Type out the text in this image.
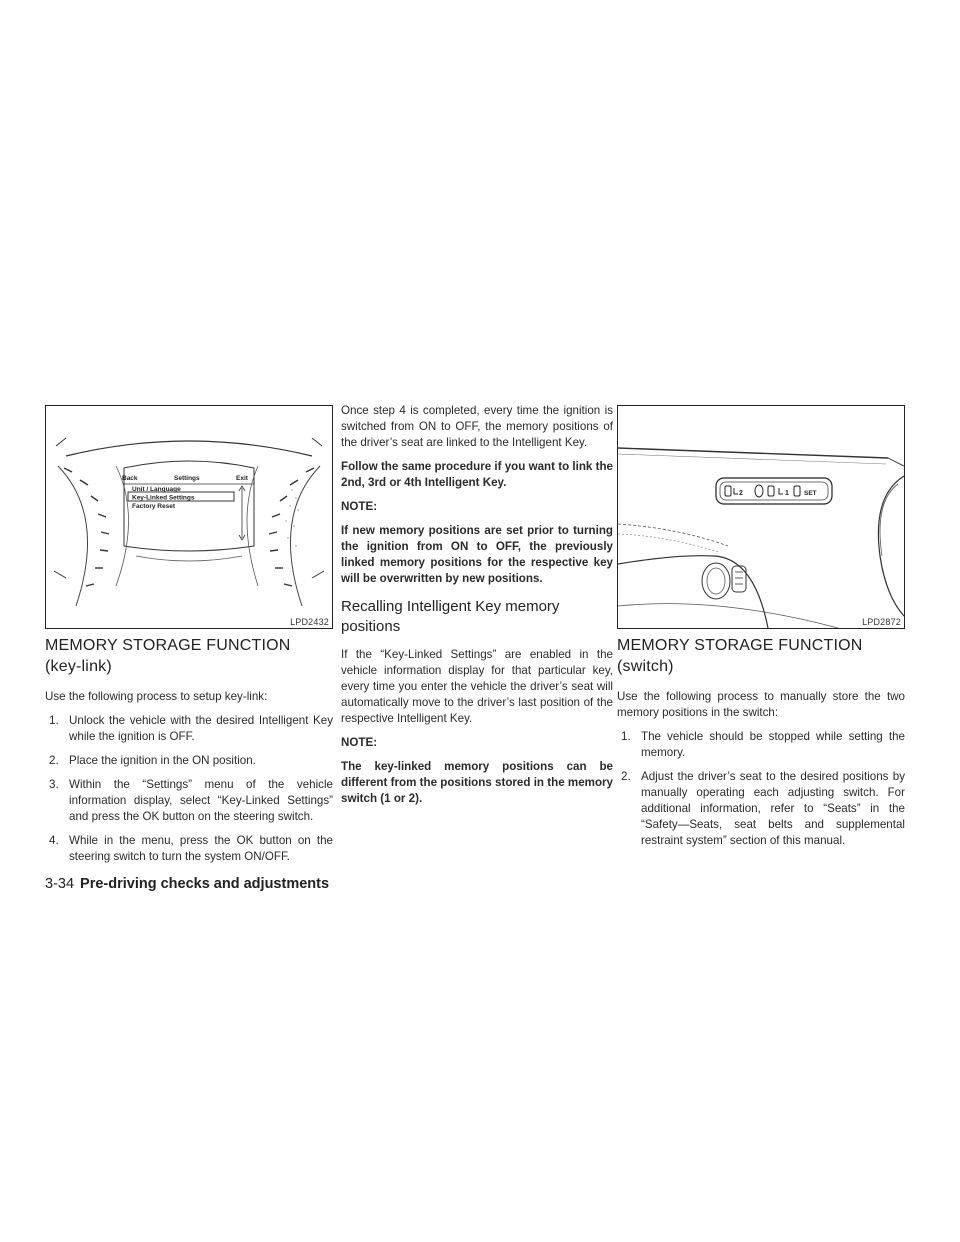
Back	Settings	Exit
Unit / Language
Key-Linked Settings
Factory Reset
LPD2432
MEMORY STORAGE FUNCTION
(key-link)

Use the following process to setup key-link:

1. Unlock the vehicle with the desired Intelligent Key while the ignition is OFF.
2. Place the ignition in the ON position.
3. Within the “Settings” menu of the vehicle information display, select “Key-Linked Settings” and press the OK button on the steering switch.
4. While in the menu, press the OK button on the steering switch to turn the system ON/OFF.

Once step 4 is completed, every time the ignition is switched from ON to OFF, the memory positions of the driver’s seat are linked to the Intelligent Key.

Follow the same procedure if you want to link the 2nd, 3rd or 4th Intelligent Key.

NOTE:

If new memory positions are set prior to turning the ignition from ON to OFF, the previously linked memory positions for the respective key will be overwritten by new positions.

Recalling Intelligent Key memory positions

If the “Key-Linked Settings” are enabled in the vehicle information display for that particular key, every time you enter the vehicle the driver’s seat will automatically move to the driver’s last position of the respective Intelligent Key.

NOTE:

The key-linked memory positions can be different from the positions stored in the memory switch (1 or 2).

2	1 SET
LPD2872
MEMORY STORAGE FUNCTION
(switch)

Use the following process to manually store the two memory positions in the switch:

1. The vehicle should be stopped while setting the memory.
2. Adjust the driver’s seat to the desired positions by manually operating each adjusting switch. For additional information, refer to “Seats” in the “Safety—Seats, seat belts and supplemental restraint system” section of this manual.
3-34 Pre-driving checks and adjustments
